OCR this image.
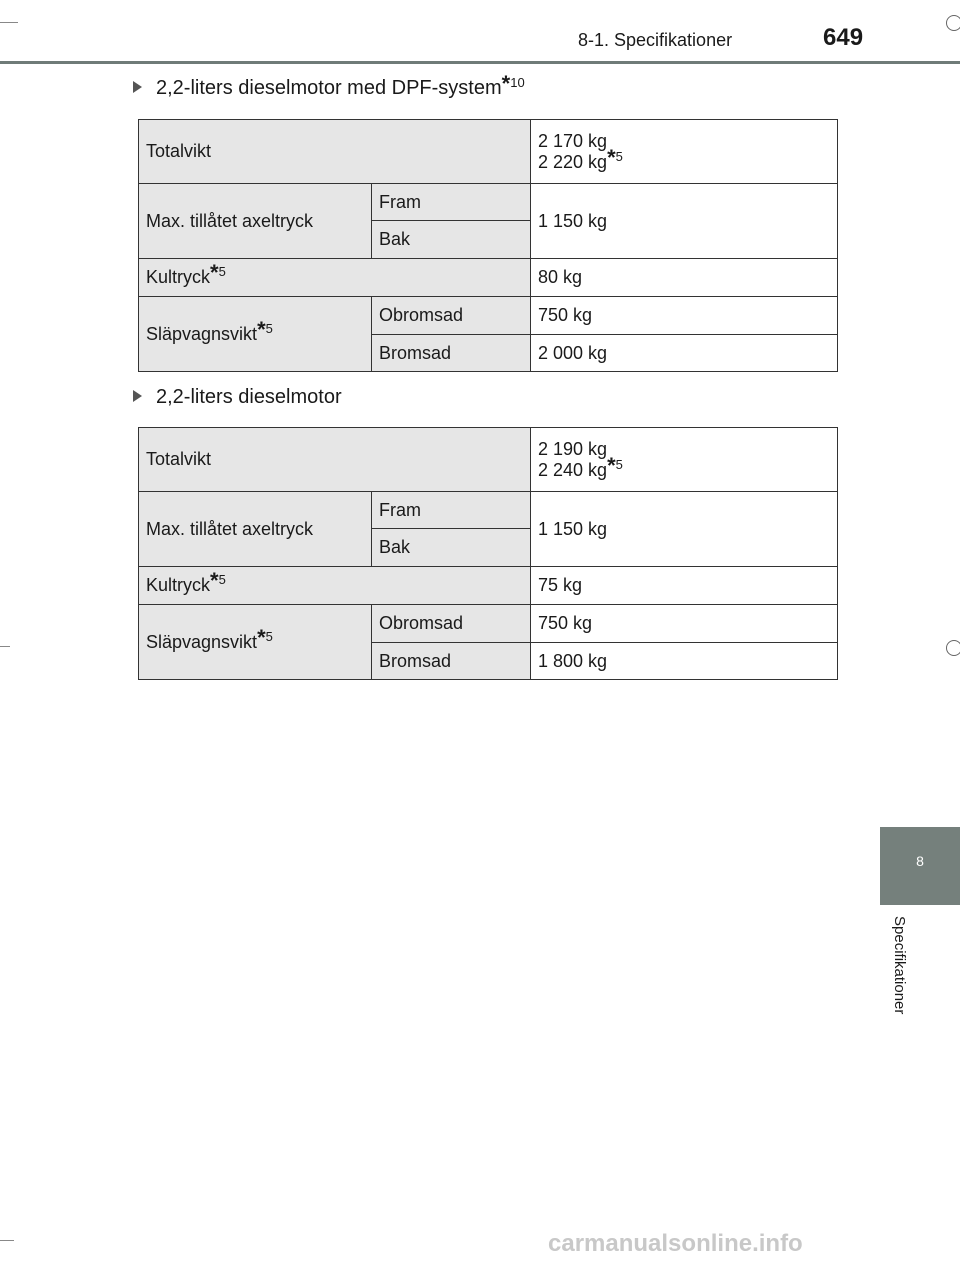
8-1. Specifikationer	649
8
Specifikationer
2,2-liters dieselmotor med DPF-system *$^{10}$
Totalvikt		2 170 kg
2 220 kg*$^5$

Max. tillåtet axeltryck	Fram	1 150 kg
	Bak	
Kultryck*$^5$		80 kg
Släpvagnsvikt*$^5$	Obromsad	750 kg
	Bromsad	2 000 kg
2,2-liters dieselmotor
Totalvikt		2 190 kg
2 240 kg*$^5$

Max. tillåtet axeltryck	Fram	1 150 kg
	Bak	
Kultryck*$^5$		75 kg
Släpvagnsvikt*$^5$	Obromsad	750 kg
	Bromsad	1 800 kg
carmanualsonline.info
